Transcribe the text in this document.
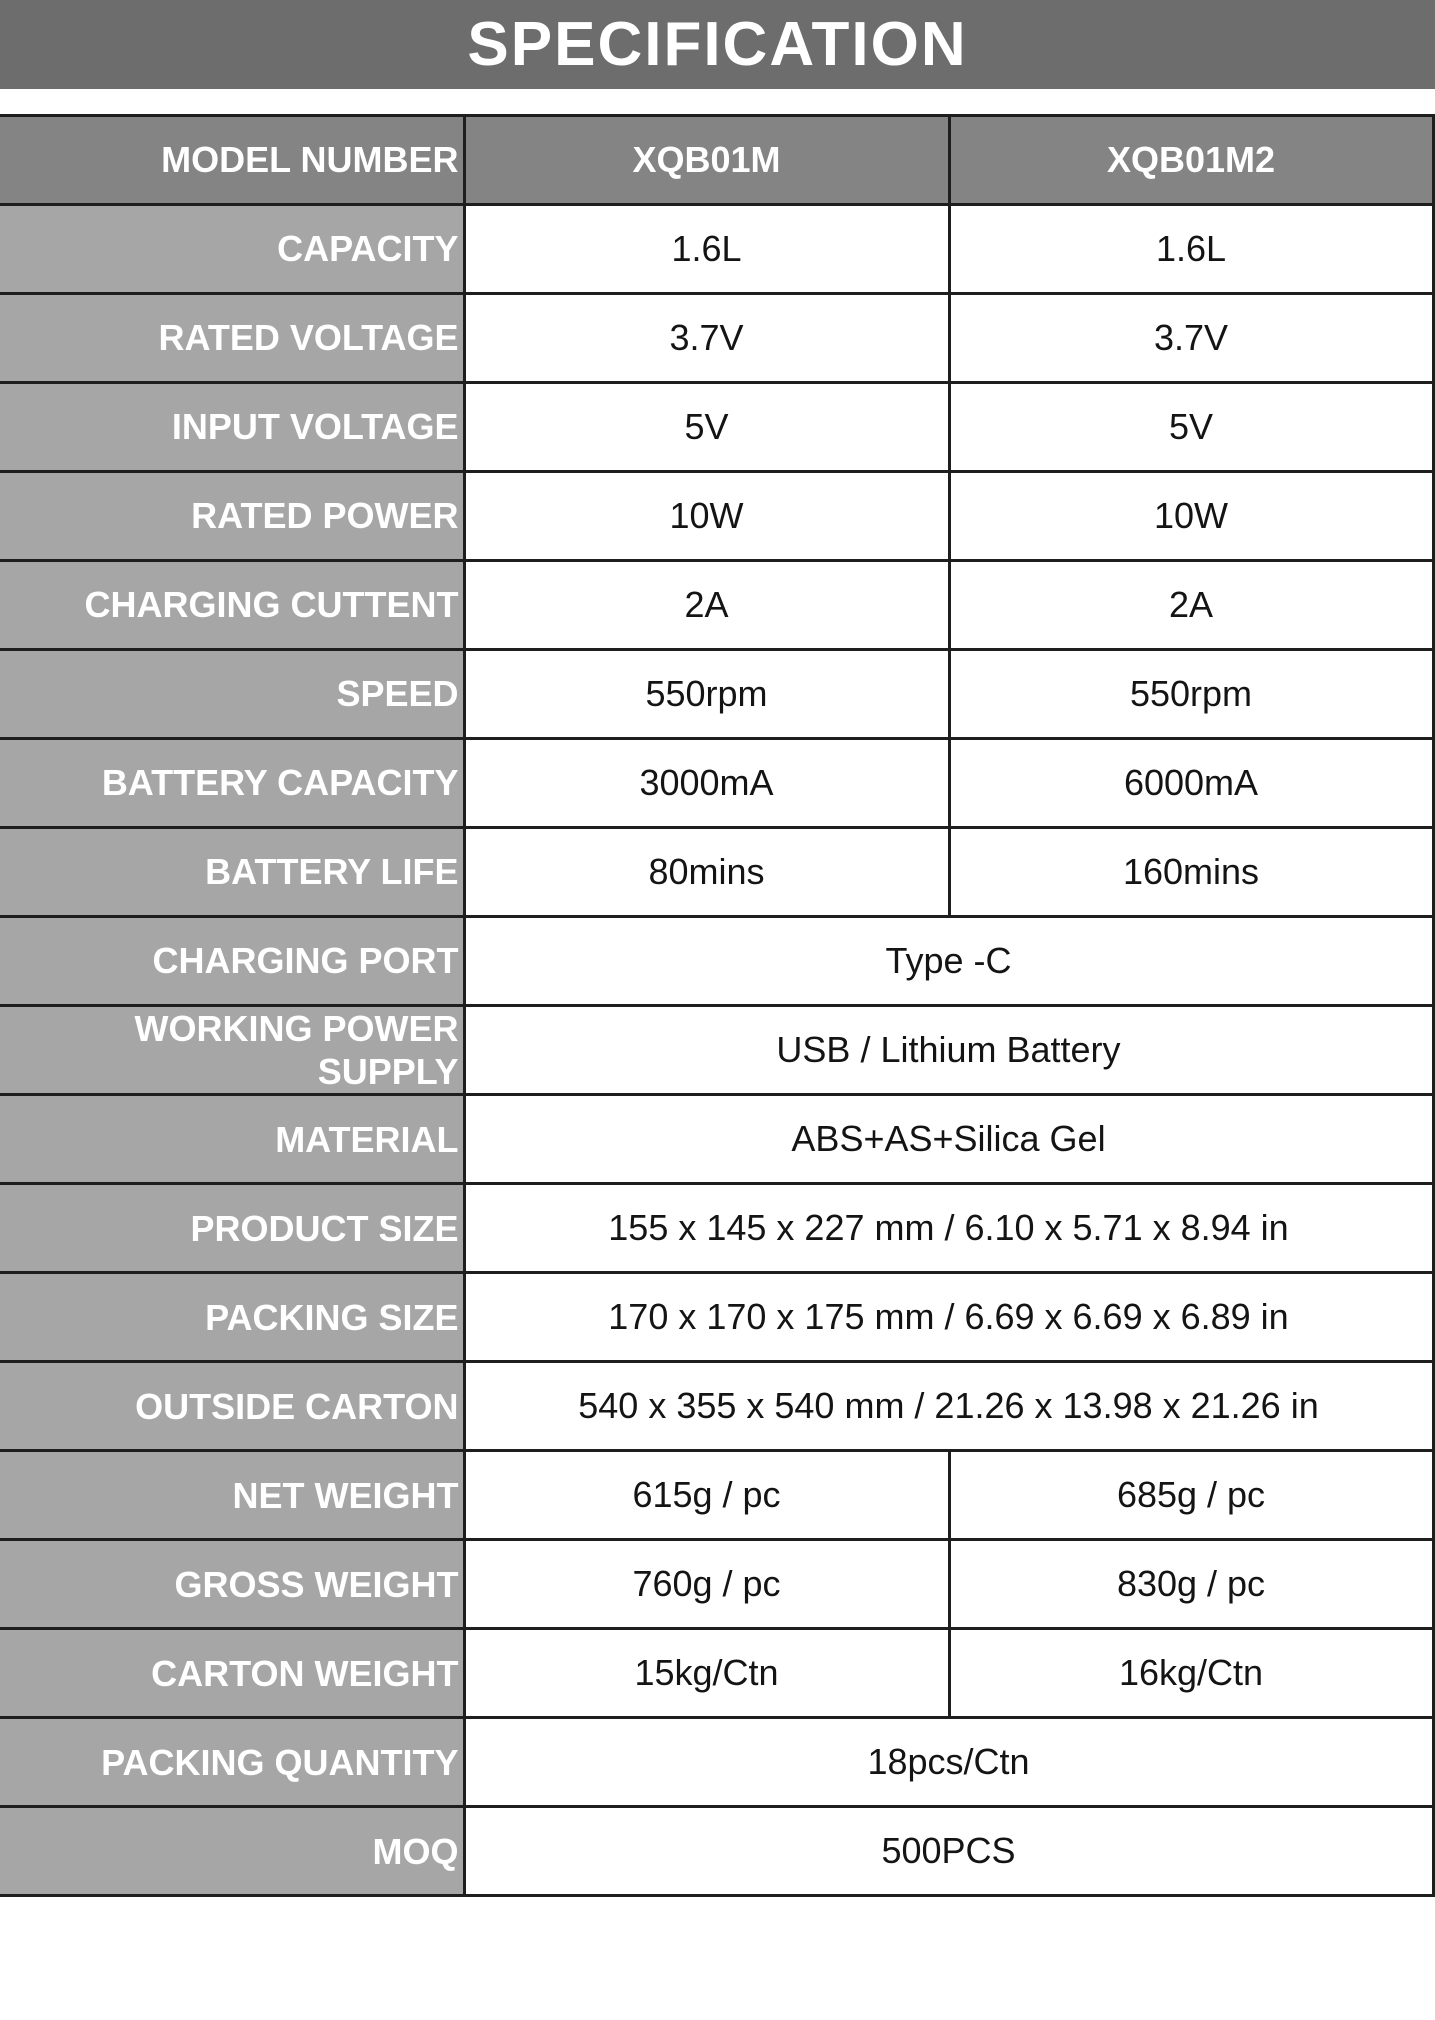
SPECIFICATION
MODEL NUMBER	XQB01M	XQB01M2
CAPACITY	1.6L	1.6L
RATED VOLTAGE	3.7V	3.7V
INPUT VOLTAGE	5V	5V
RATED POWER	10W	10W
CHARGING CUTTENT	2A	2A
SPEED	550rpm	550rpm
BATTERY CAPACITY	3000mA	6000mA
BATTERY LIFE	80mins	160mins
CHARGING PORT	Type -C	

WORKING POWER
SUPPLY	USB / Lithium Battery	
MATERIAL	ABS+AS+Silica Gel	
PRODUCT SIZE	155 x 145 x 227 mm / 6.10 x 5.71 x 8.94 in	
PACKING SIZE	170 x 170 x 175 mm / 6.69 x 6.69 x 6.89 in	
OUTSIDE CARTON	540 x 355 x 540 mm / 21.26 x 13.98 x 21.26 in	
NET WEIGHT	615g / pc	685g / pc
GROSS WEIGHT	760g / pc	830g / pc
CARTON WEIGHT	15kg/Ctn	16kg/Ctn
PACKING QUANTITY	18pcs/Ctn	
MOQ	500PCS	
